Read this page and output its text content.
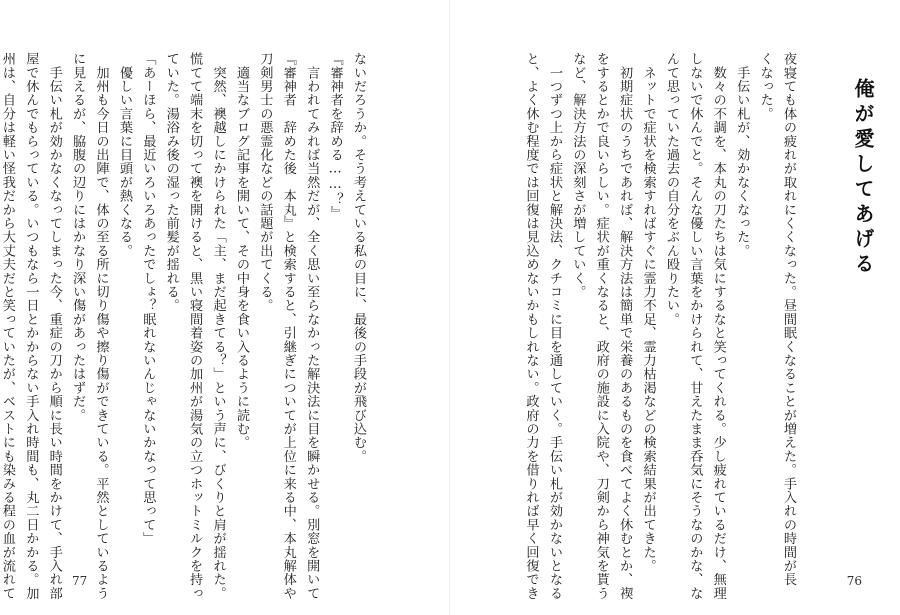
ないだろうか。そう考えている私の目に、最後の手段が飛び込む。
『審神者を辞める……？』
　言われてみれば当然だが、全く思い至らなかった解決法に目を瞬かせる。別窓を開いて
『審神者　辞めた後　本丸』と検索すると、引継ぎについてが上位に来る中、本丸解体や
刀剣男士の悪霊化などの話題が出てくる。
　適当なブログ記事を開いて、その中身を食い入るように読む。
　突然、襖越しにかけられた「主、まだ起きてる？」という声に、びくりと肩が揺れた。
慌てて端末を切って襖を開けると、黒い寝間着姿の加州が湯気の立つホットミルクを持っ
ていた。湯浴み後の湿った前髪が揺れる。
「あーほら、最近いろいろあったでしょ？眠れないんじゃないかなって思って」
　優しい言葉に目頭が熱くなる。
　加州も今日の出陣で、体の至る所に切り傷や擦り傷ができている。平然としているよう
に見えるが、脇腹の辺りにはかなり深い傷があったはずだ。
　手伝い札が効かなくなってしまった今、重症の刀から順に長い時間をかけて、手入れ部
屋で休んでもらっている。いつもなら一日とかからない手入れ時間も、丸二日かかる。加
州は、自分は軽い怪我だから大丈夫だと笑っていたが、ベストにも染みる程の血が流れて	77
俺が愛してあげる
夜寝ても体の疲れが取れにくくなった。昼間眠くなることが増えた。手入れの時間が長
くなった。
　手伝い札が、効かなくなった。
　数々の不調を、本丸の刀たちは気にするなと笑ってくれる。少し疲れているだけ、無理
しないで休んでと。そんな優しい言葉をかけられて、甘えたまま呑気にそうなのかな、な
んて思っていた過去の自分をぶん殴りたい。
　ネットで症状を検索すればすぐに霊力不足、霊力枯渇などの検索結果が出てきた。
　初期症状のうちであれば、解決方法は簡単で栄養のあるものを食べてよく休むとか、禊
をするとかで良いらしい。症状が重くなると、政府の施設に入院や、刀剣から神気を貰う
など、解決方法の深刻さが増していく。
　一つずつ上から症状と解決法、クチコミに目を通していく。手伝い札が効かないとなる
と、よく休む程度では回復は見込めないかもしれない。政府の力を借りれば早く回復でき	76
